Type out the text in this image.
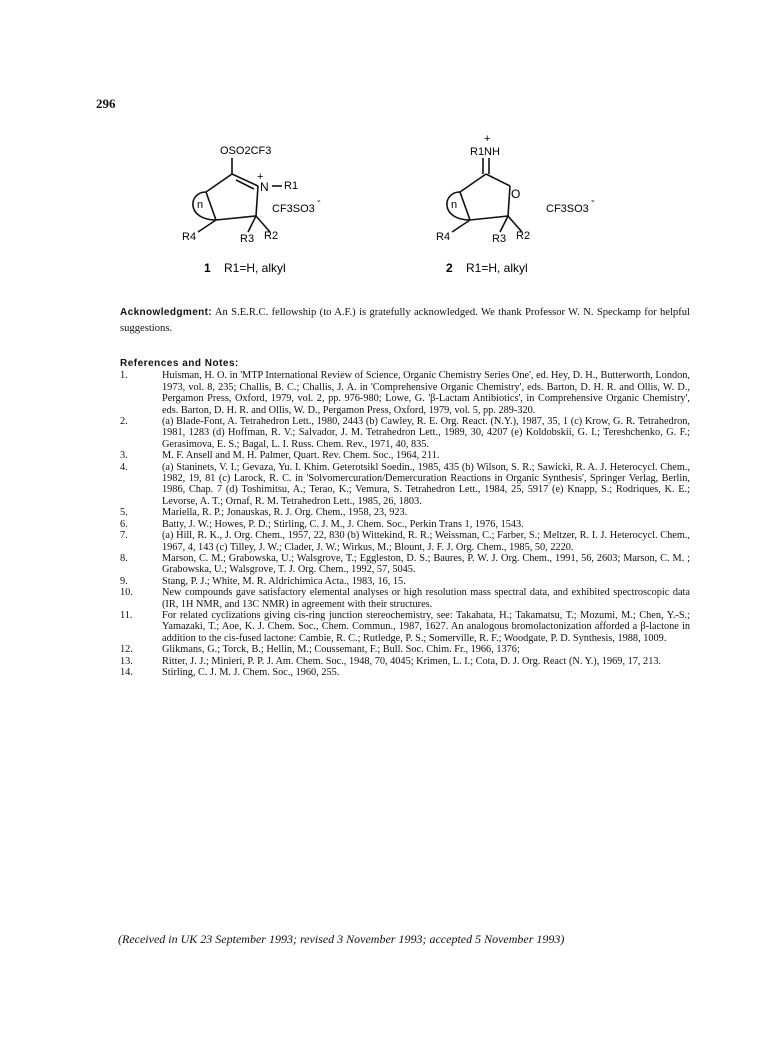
296
OSO2CF3
+
N R1
n	CF3SO3
-
R4	R3 R2
1 R1=H, alkyl
+
R1NH
O
n	CF3SO3
-
R4	R3 R2
2 R1=H, alkyl
Acknowledgment: An S.E.R.C. fellowship (to A.F.) is gratefully acknowledged. We thank Professor W. N. Speckamp for helpful suggestions.
References and Notes:
1.	Huisman, H. O. in 'MTP International Review of Science, Organic Chemistry Series One', ed. Hey, D. H., Butterworth, London, 1973, vol. 8, 235; Challis, B. C.; Challis, J. A. in 'Comprehensive Organic Chemistry', eds. Barton, D. H. R. and Ollis, W. D., Pergamon Press, Oxford, 1979, vol. 2, pp. 976-980; Lowe, G. 'β-Lactam Antibiotics', in Comprehensive Organic Chemistry', eds. Barton, D. H. R. and Ollis, W. D., Pergamon Press, Oxford, 1979, vol. 5, pp. 289-320.
2.	(a) Blade-Font, A. Tetrahedron Lett., 1980, 2443 (b) Cawley, R. E. Org. React. (N.Y.), 1987, 35, 1 (c) Krow, G. R. Tetrahedron, 1981, 1283 (d) Hoffman, R. V.; Salvador, J. M. Tetrahedron Lett., 1989, 30, 4207 (e) Koldobskii, G. I.; Tereshchenko, G. F.; Gerasimova, E. S.; Bagal, L. I. Russ. Chem. Rev., 1971, 40, 835.
3.	M. F. Ansell and M. H. Palmer, Quart. Rev. Chem. Soc., 1964, 211.
4.	(a) Staninets, V. I.; Gevaza, Yu. I. Khim. Geterotsikl Soedin., 1985, 435 (b) Wilson, S. R.; Sawicki, R. A. J. Heterocycl. Chem., 1982, 19, 81 (c) Larock, R. C. in 'Solvomercuration/Demercuration Reactions in Organic Synthesis', Springer Verlag, Berlin, 1986, Chap. 7 (d) Toshimitsu, A.; Terao, K.; Vemura, S. Tetrahedron Lett., 1984, 25, 5917 (e) Knapp, S.; Rodriques, K. E.; Levorse, A. T.; Ornaf, R. M. Tetrahedron Lett., 1985, 26, 1803.
5.	Mariella, R. P.; Jonauskas, R. J. Org. Chem., 1958, 23, 923.
6.	Batty, J. W.; Howes, P. D.; Stirling, C. J. M., J. Chem. Soc., Perkin Trans 1, 1976, 1543.
7.	(a) Hill, R. K., J. Org. Chem., 1957, 22, 830 (b) Wittekind, R. R.; Weissman, C.; Farber, S.; Meltzer, R. I. J. Heterocycl. Chem., 1967, 4, 143 (c) Tilley, J. W.; Clader, J. W.; Wirkus, M.; Blount, J. F. J. Org. Chem., 1985, 50, 2220.
8.	Marson, C. M.; Grabowska, U.; Walsgrove, T.; Eggleston, D. S.; Baures, P. W. J. Org. Chem., 1991, 56, 2603; Marson, C. M. ; Grabowska, U.; Walsgrove, T. J. Org. Chem., 1992, 57, 5045.
9.	Stang, P. J.; White, M. R. Aldrichimica Acta., 1983, 16, 15.
10.	New compounds gave satisfactory elemental analyses or high resolution mass spectral data, and exhibited spectroscopic data (IR, 1H NMR, and 13C NMR) in agreement with their structures.
11.	For related cyclizations giving cis-ring junction stereochemistry, see: Takahata, H.; Takamatsu, T.; Mozumi, M.; Chen, Y.-S.; Yamazaki, T.; Aoe, K. J. Chem. Soc., Chem. Commun., 1987, 1627. An analogous bromolactonization afforded a β-lactone in addition to the cis-fused lactone: Cambie, R. C.; Rutledge, P. S.; Somerville, R. F.; Woodgate, P. D. Synthesis, 1988, 1009.
12.	Glikmans, G.; Torck, B.; Hellin, M.; Coussemant, F.; Bull. Soc. Chim. Fr., 1966, 1376;
13.	Ritter, J. J.; Minieri, P. P. J. Am. Chem. Soc., 1948, 70, 4045; Krimen, L. I.; Cota, D. J. Org. React (N. Y.), 1969, 17, 213.
14.	Stirling, C. J. M. J. Chem. Soc., 1960, 255.
(Received in UK 23 September 1993; revised 3 November 1993; accepted 5 November 1993)
